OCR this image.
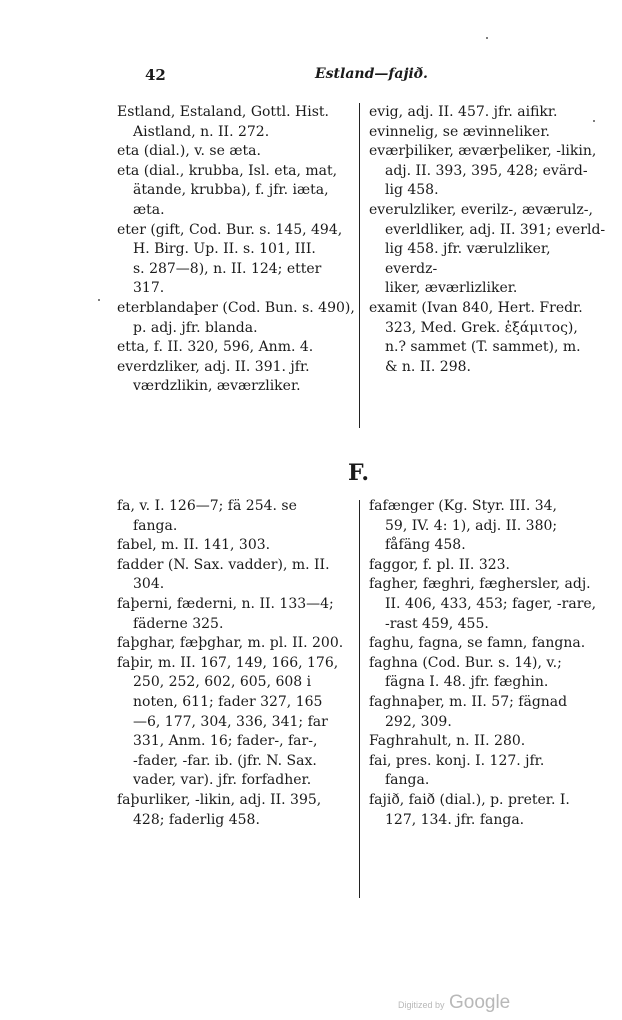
42	Estland—fajið.

Estland, Estaland, Gottl. Hist.
Aistland, n. II. 272.

eta (dial.), v. se æta.

eta (dial., krubba, Isl. eta, mat,
ätande, krubba), f. jfr. iæta,
æta.

eter (gift, Cod. Bur. s. 145, 494,
H. Birg. Up. II. s. 101, III.
s. 287—8), n. II. 124; etter 317.

eterblandaþer (Cod. Bun. s. 490),
p. adj. jfr. blanda.

etta, f. II. 320, 596, Anm. 4.

everdzliker, adj. II. 391. jfr.
værdzlikin, æværzliker.

evig, adj. II. 457. jfr. aifikr.

evinnelig, se ævinneliker.

eværþiliker, æværþeliker, -likin,
adj. II. 393, 395, 428; evärd-
lig 458.

everulzliker, everilz-, æværulz-,
everldliker, adj. II. 391; everld-
lig 458. jfr. værulzliker, everdz-
liker, æværlizliker.

examit (Ivan 840, Hert. Fredr.
323, Med. Grek. ἑξάμιτος),
n.? sammet (T. sammet), m.
& n. II. 298.

F.

fa, v. I. 126—7; fä 254. se
fanga.

fabel, m. II. 141, 303.

fadder (N. Sax. vadder), m. II.
304.

faþerni, fæderni, n. II. 133—4;
fäderne 325.

faþghar, fæþghar, m. pl. II. 200.

faþir, m. II. 167, 149, 166, 176,
250, 252, 602, 605, 608 i
noten, 611; fader 327, 165
—6, 177, 304, 336, 341; far
331, Anm. 16; fader-, far-,
-fader, -far. ib. (jfr. N. Sax.
vader, var). jfr. forfadher.

faþurliker, -likin, adj. II. 395,
428; faderlig 458.

fafænger (Kg. Styr. III. 34,
59, IV. 4: 1), adj. II. 380;
fåfäng 458.

faggor, f. pl. II. 323.

fagher, fæghri, fæghersler, adj.
II. 406, 433, 453; fager, -rare,
-rast 459, 455.

faghu, fagna, se famn, fangna.

faghna (Cod. Bur. s. 14), v.;
fägna I. 48. jfr. fæghin.

faghnaþer, m. II. 57; fägnad
292, 309.

Faghrahult, n. II. 280.

fai, pres. konj. I. 127. jfr.
fanga.

fajið, faið (dial.), p. preter. I.
127, 134. jfr. fanga.

Digitized by Google
